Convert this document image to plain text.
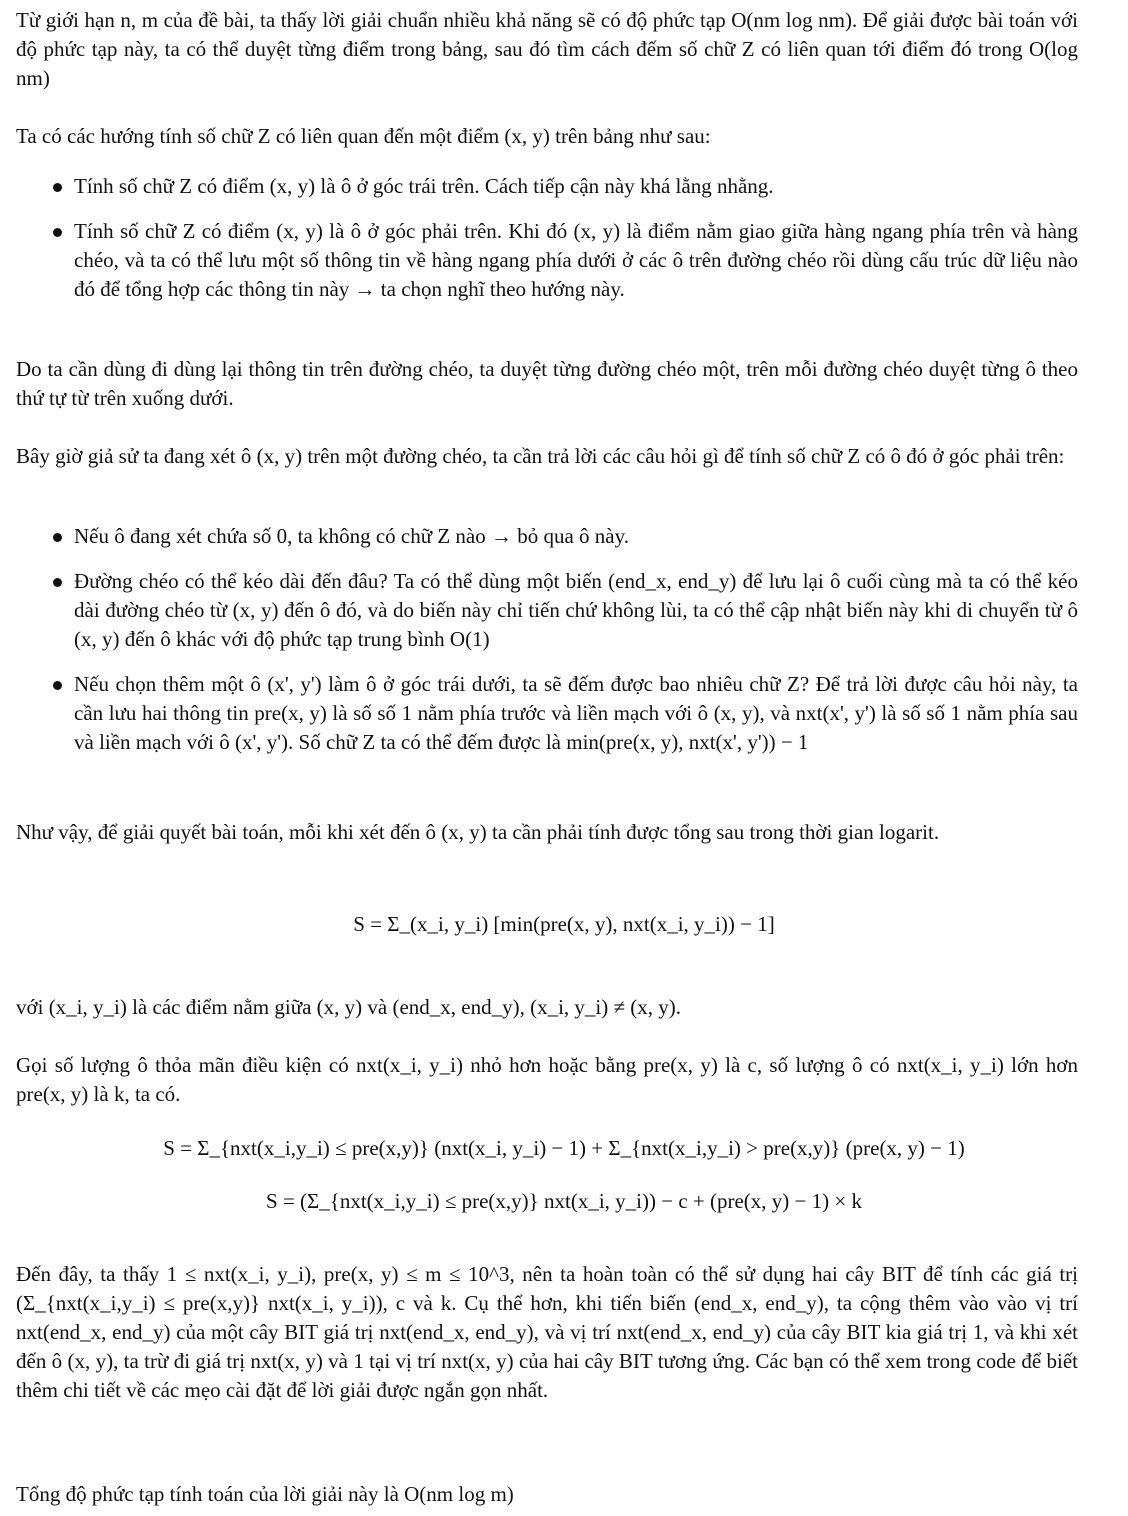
Từ giới hạn n, m của đề bài, ta thấy lời giải chuẩn nhiều khả năng sẽ có độ phức tạp O(nm log nm). Để giải được bài toán với độ phức tạp này, ta có thể duyệt từng điểm trong bảng, sau đó tìm cách đếm số chữ Z có liên quan tới điểm đó trong O(log nm)

Ta có các hướng tính số chữ Z có liên quan đến một điểm (x, y) trên bảng như sau:

Tính số chữ Z có điểm (x, y) là ô ở góc trái trên. Cách tiếp cận này khá lằng nhằng.

Tính số chữ Z có điểm (x, y) là ô ở góc phải trên. Khi đó (x, y) là điểm nằm giao giữa hàng ngang phía trên và hàng chéo, và ta có thể lưu một số thông tin về hàng ngang phía dưới ở các ô trên đường chéo rồi dùng cấu trúc dữ liệu nào đó để tổng hợp các thông tin này → ta chọn nghĩ theo hướng này.

Do ta cần dùng đi dùng lại thông tin trên đường chéo, ta duyệt từng đường chéo một, trên mỗi đường chéo duyệt từng ô theo thứ tự từ trên xuống dưới.

Bây giờ giả sử ta đang xét ô (x, y) trên một đường chéo, ta cần trả lời các câu hỏi gì để tính số chữ Z có ô đó ở góc phải trên:

Nếu ô đang xét chứa số 0, ta không có chữ Z nào → bỏ qua ô này.

Đường chéo có thể kéo dài đến đâu? Ta có thể dùng một biến (end_x, end_y) để lưu lại ô cuối cùng mà ta có thể kéo dài đường chéo từ (x, y) đến ô đó, và do biến này chỉ tiến chứ không lùi, ta có thể cập nhật biến này khi di chuyển từ ô (x, y) đến ô khác với độ phức tạp trung bình O(1)

Nếu chọn thêm một ô (x', y') làm ô ở góc trái dưới, ta sẽ đếm được bao nhiêu chữ Z? Để trả lời được câu hỏi này, ta cần lưu hai thông tin pre(x, y) là số số 1 nằm phía trước và liền mạch với ô (x, y), và nxt(x', y') là số số 1 nằm phía sau và liền mạch với ô (x', y'). Số chữ Z ta có thể đếm được là min(pre(x, y), nxt(x', y')) − 1

Như vậy, để giải quyết bài toán, mỗi khi xét đến ô (x, y) ta cần phải tính được tổng sau trong thời gian logarit.

S = Σ_(x_i, y_i) [min(pre(x, y), nxt(x_i, y_i)) − 1]

với (x_i, y_i) là các điểm nằm giữa (x, y) và (end_x, end_y), (x_i, y_i) ≠ (x, y).

Gọi số lượng ô thỏa mãn điều kiện có nxt(x_i, y_i) nhỏ hơn hoặc bằng pre(x, y) là c, số lượng ô có nxt(x_i, y_i) lớn hơn pre(x, y) là k, ta có.

S = Σ_{nxt(x_i,y_i) ≤ pre(x,y)} (nxt(x_i, y_i) − 1) + Σ_{nxt(x_i,y_i) > pre(x,y)} (pre(x, y) − 1)

S = (Σ_{nxt(x_i,y_i) ≤ pre(x,y)} nxt(x_i, y_i)) − c + (pre(x, y) − 1) × k

Đến đây, ta thấy 1 ≤ nxt(x_i, y_i), pre(x, y) ≤ m ≤ 10^3, nên ta hoàn toàn có thể sử dụng hai cây BIT để tính các giá trị (Σ_{nxt(x_i,y_i) ≤ pre(x,y)} nxt(x_i, y_i)), c và k. Cụ thể hơn, khi tiến biến (end_x, end_y), ta cộng thêm vào vào vị trí nxt(end_x, end_y) của một cây BIT giá trị nxt(end_x, end_y), và vị trí nxt(end_x, end_y) của cây BIT kia giá trị 1, và khi xét đến ô (x, y), ta trừ đi giá trị nxt(x, y) và 1 tại vị trí nxt(x, y) của hai cây BIT tương ứng. Các bạn có thể xem trong code để biết thêm chi tiết về các mẹo cài đặt để lời giải được ngắn gọn nhất.

Tổng độ phức tạp tính toán của lời giải này là O(nm log m)
